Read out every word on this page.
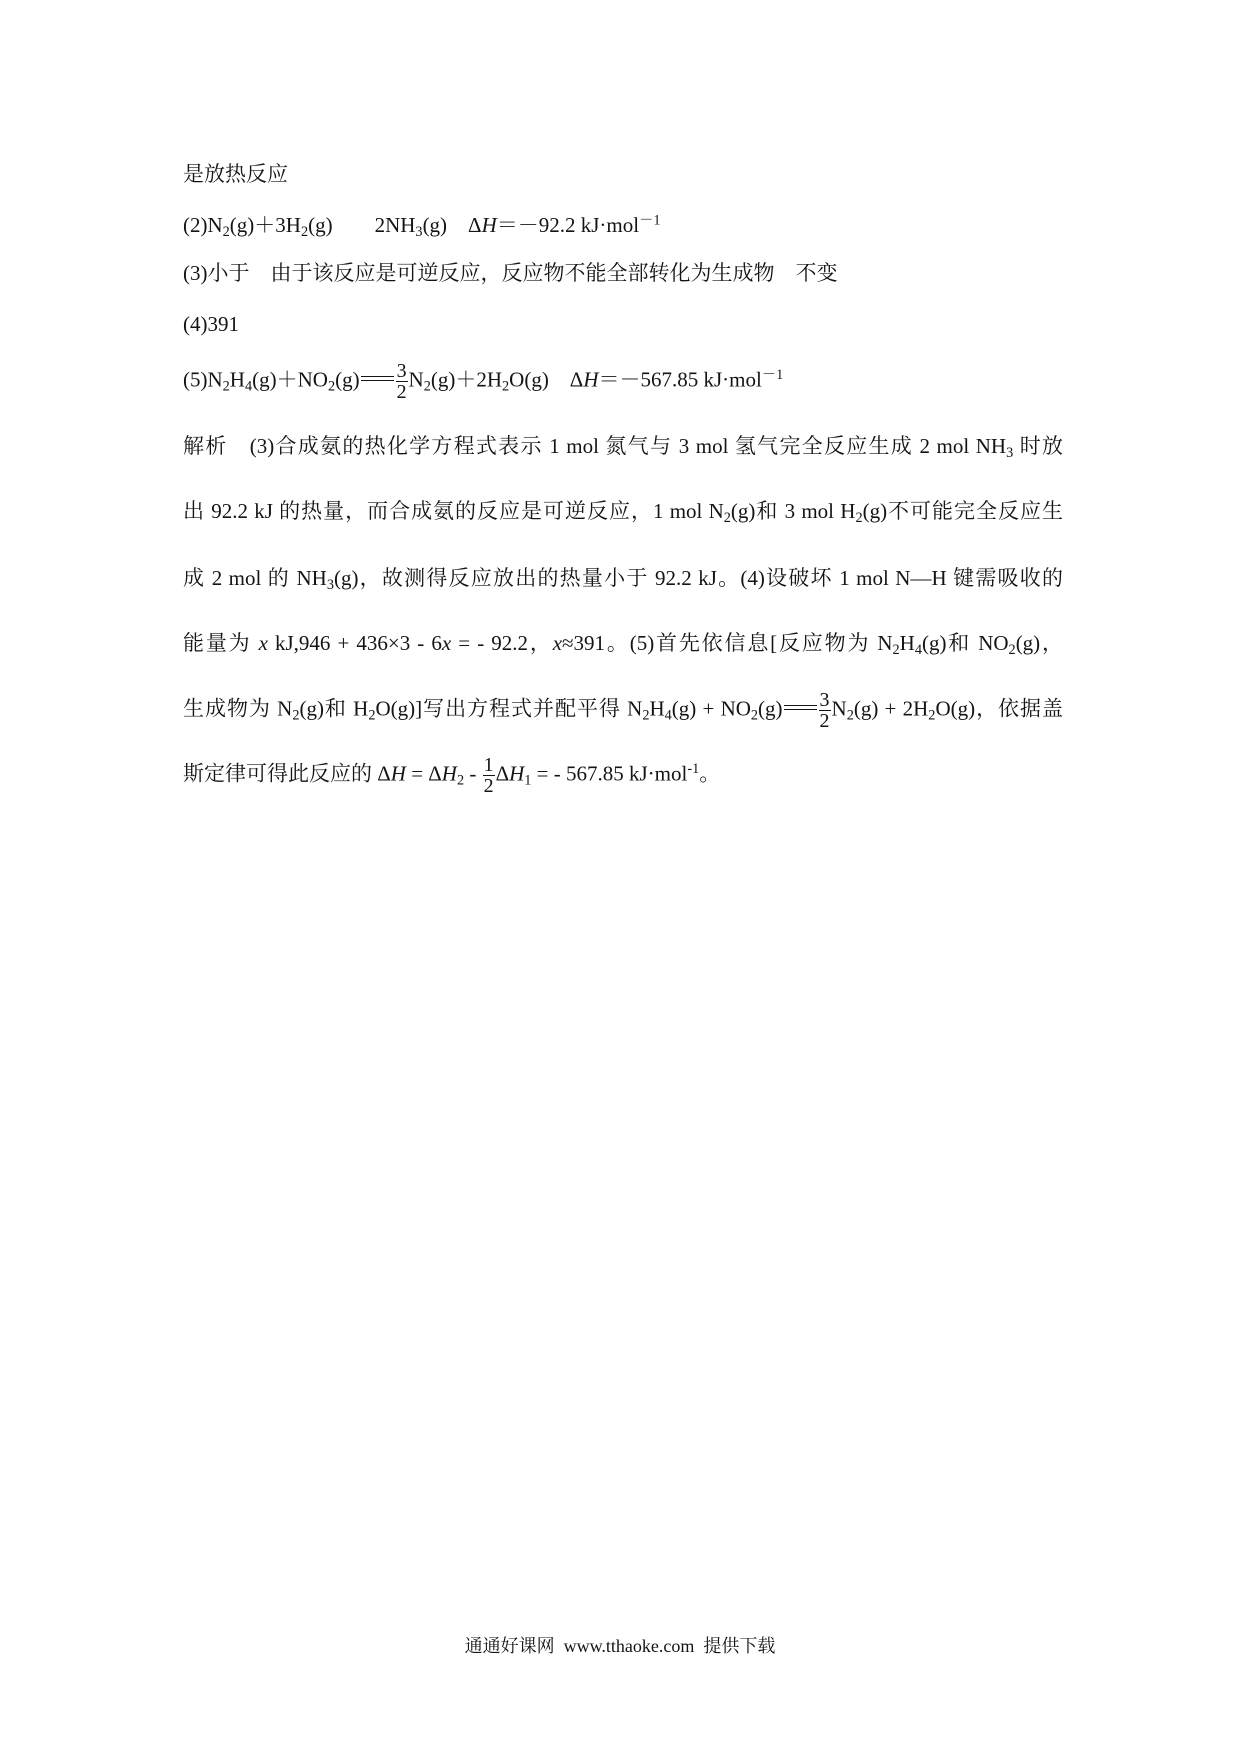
是放热反应
$(2)N_2(g)+3H_2(g)$　　$2NH_3(g)$　ΔH＝－92.2 kJ·mol$^{-1}$
(3)小于　由于该反应是可逆反应，反应物不能全部转化为生成物　不变
(4)391
$(5)N_2H_4(g)+NO_2(g) \frac{3}{2} N_2(g)+2H_2O(g)$　ΔH＝－567.85 kJ·mol$^{-1}$
解析　(3)合成氨的热化学方程式表示 1 mol 氮气与 3 mol 氢气完全反应生成 2 mol $NH_3$ 时放
出 92.2 kJ 的热量，而合成氨的反应是可逆反应，1 mol $N_2(g)$和 3 mol $H_2(g)$不可能完全反应生
成 2 mol 的 $NH_3(g)$，故测得反应放出的热量小于 92.2 kJ。(4)设破坏 1 mol N—H 键需吸收的
能量为 x kJ,946 + 436×3 - 6x = - 92.2，x≈391。(5)首先依信息[反应物为 $N_2H_4(g)$和 $NO_2(g)$，
生成物为 $N_2(g)$和 $H_2O(g)$]写出方程式并配平得 $N_2H_4(g) + NO_2(g) \frac{3}{2} N_2(g) + 2H_2O(g)$，依据盖
斯定律可得此反应的 $\Delta H = \Delta H_2 - \frac{1}{2} \Delta H_1$ = - 567.85 kJ·mol$^{-1}$。
通通好课网  www.tthaoke.com  提供下载
